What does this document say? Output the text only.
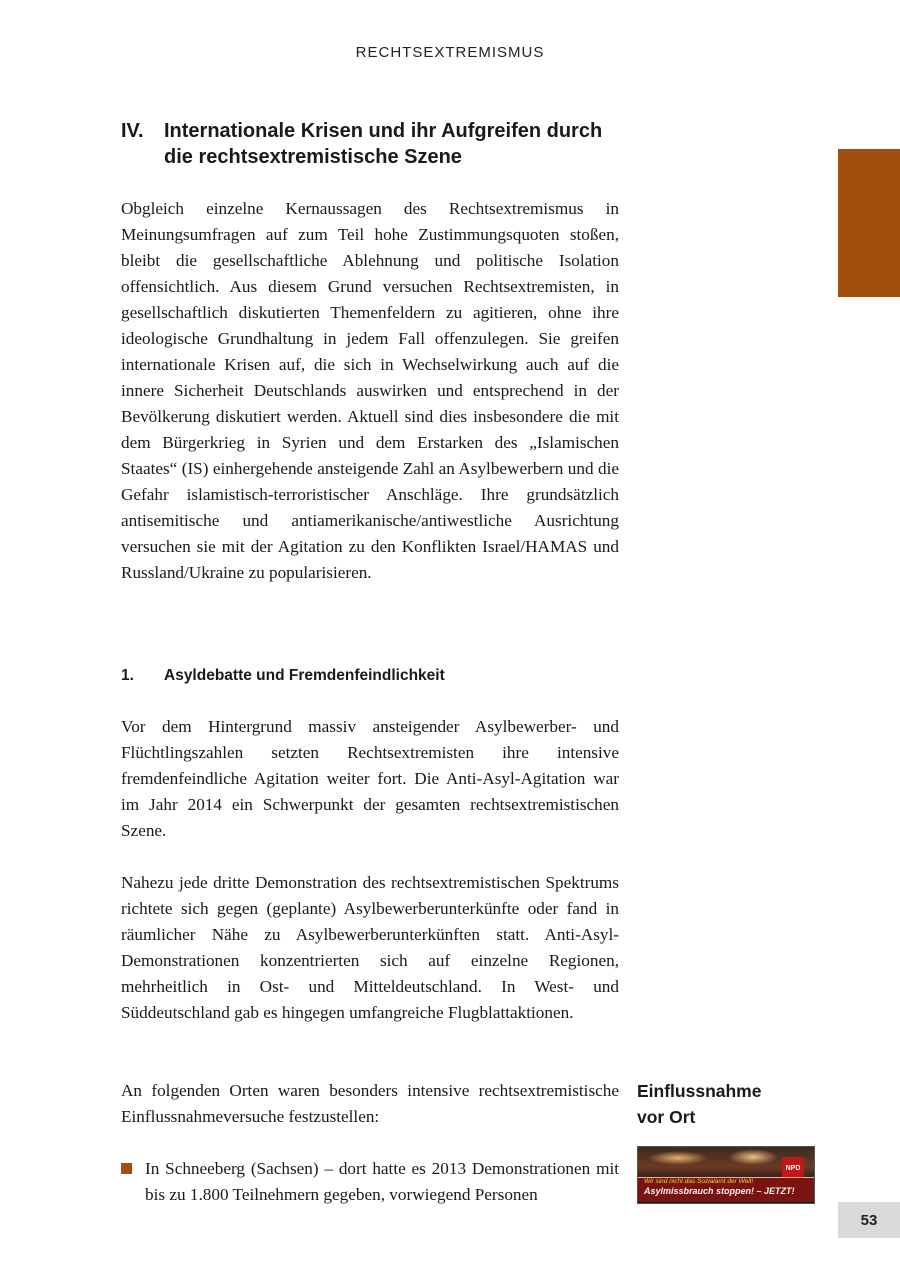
RECHTSEXTREMISMUS
IV.	Internationale Krisen und ihr Aufgreifen durch die rechtsextremistische Szene

Obgleich einzelne Kernaussagen des Rechtsextremismus in Meinungsumfragen auf zum Teil hohe Zustimmungsquoten stoßen, bleibt die gesellschaftliche Ablehnung und politische Isolation offensichtlich. Aus diesem Grund versuchen Rechtsextremisten, in gesellschaftlich diskutierten Themenfeldern zu agitieren, ohne ihre ideologische Grundhaltung in jedem Fall offenzulegen. Sie greifen internationale Krisen auf, die sich in Wechselwirkung auch auf die innere Sicherheit Deutschlands auswirken und entsprechend in der Bevölkerung diskutiert werden. Aktuell sind dies insbesondere die mit dem Bürgerkrieg in Syrien und dem Erstarken des „Islamischen Staates“ (IS) einhergehende ansteigende Zahl an Asylbewerbern und die Gefahr islamistisch-terroristischer Anschläge. Ihre grundsätzlich antisemitische und antiamerikanische/antiwestliche Ausrichtung versuchen sie mit der Agitation zu den Konflikten Israel/HAMAS und Russland/Ukraine zu popularisieren.

1.	Asyldebatte und Fremdenfeindlichkeit

Vor dem Hintergrund massiv ansteigender Asylbewerber- und Flüchtlingszahlen setzten Rechtsextremisten ihre intensive fremdenfeindliche Agitation weiter fort. Die Anti-Asyl-Agitation war im Jahr 2014 ein Schwerpunkt der gesamten rechtsextremistischen Szene.

Nahezu jede dritte Demonstration des rechtsextremistischen Spektrums richtete sich gegen (geplante) Asylbewerberunterkünfte oder fand in räumlicher Nähe zu Asylbewerberunterkünften statt. Anti-Asyl-Demonstrationen konzentrierten sich auf einzelne Regionen, mehrheitlich in Ost- und Mitteldeutschland. In West- und Süddeutschland gab es hingegen umfangreiche Flugblattaktionen.

An folgenden Orten waren besonders intensive rechtsextremistische Einflussnahmeversuche festzustellen:

Einflussnahme
vor Ort

In Schneeberg (Sachsen) – dort hatte es 2013 Demonstrationen mit bis zu 1.800 Teilnehmern gegeben, vorwiegend Personen

NPD
Wir sind nicht das Sozialamt der Welt!
Asylmissbrauch stoppen! – JETZT!
53
